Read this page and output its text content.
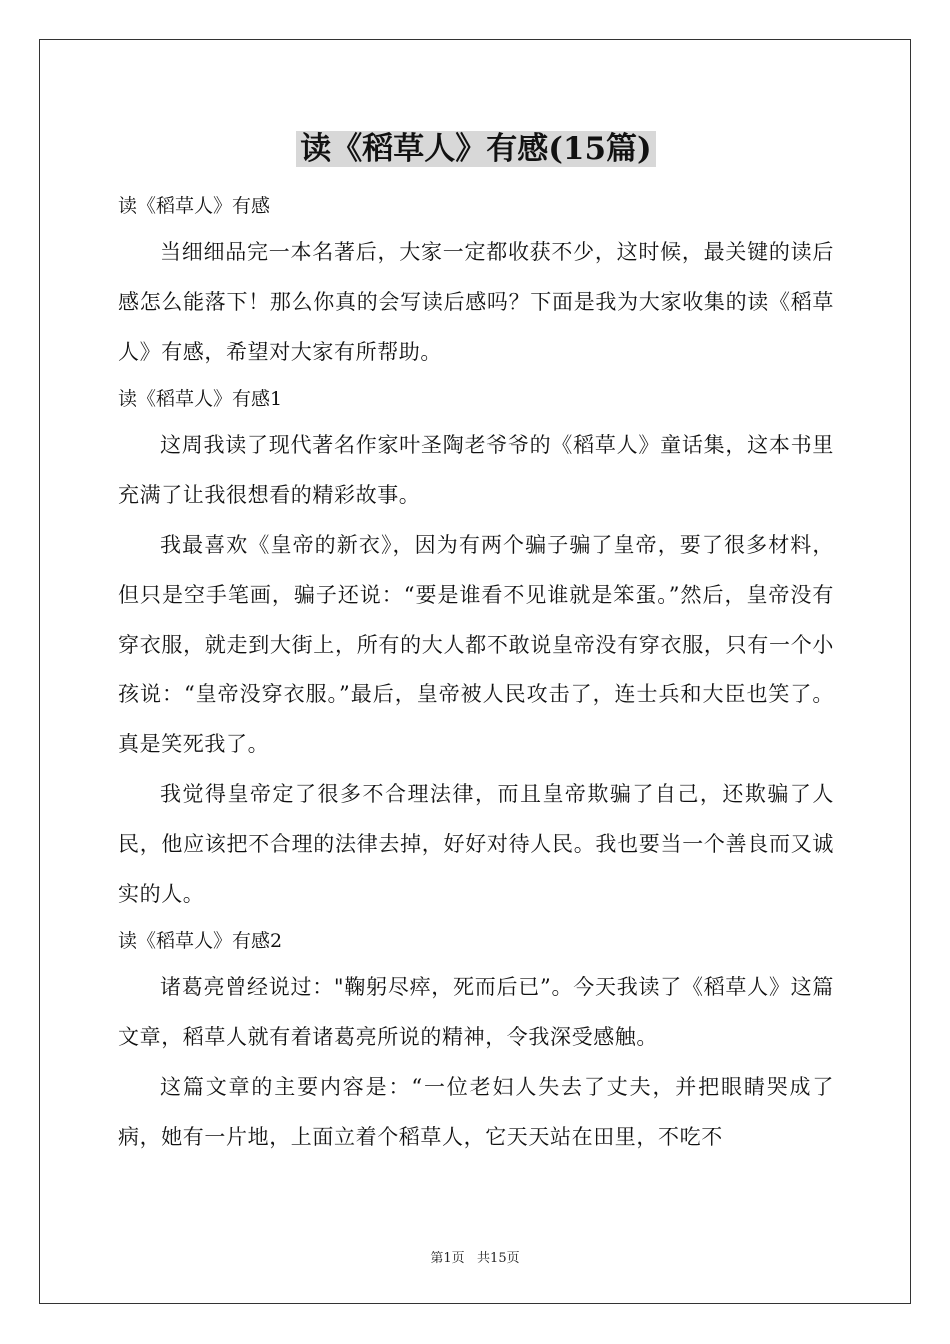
读《稻草人》有感(15篇)

读《稻草人》有感

当细细品完一本名著后，大家一定都收获不少，这时候，最关键的读后感怎么能落下！那么你真的会写读后感吗？下面是我为大家收集的读《稻草人》有感，希望对大家有所帮助。

读《稻草人》有感1

这周我读了现代著名作家叶圣陶老爷爷的《稻草人》童话集，这本书里充满了让我很想看的精彩故事。

我最喜欢《皇帝的新衣》，因为有两个骗子骗了皇帝，要了很多材料，但只是空手笔画，骗子还说：“要是谁看不见谁就是笨蛋。”然后，皇帝没有穿衣服，就走到大街上，所有的大人都不敢说皇帝没有穿衣服，只有一个小孩说：“皇帝没穿衣服。”最后，皇帝被人民攻击了，连士兵和大臣也笑了。真是笑死我了。

我觉得皇帝定了很多不合理法律，而且皇帝欺骗了自己，还欺骗了人民，他应该把不合理的法律去掉，好好对待人民。我也要当一个善良而又诚实的人。

读《稻草人》有感2

诸葛亮曾经说过："鞠躬尽瘁，死而后已”。今天我读了《稻草人》这篇文章，稻草人就有着诸葛亮所说的精神，令我深受感触。

这篇文章的主要内容是：“一位老妇人失去了丈夫，并把眼睛哭成了病，她有一片地，上面立着个稻草人，它天天站在田里，不吃不

第1页   共15页
